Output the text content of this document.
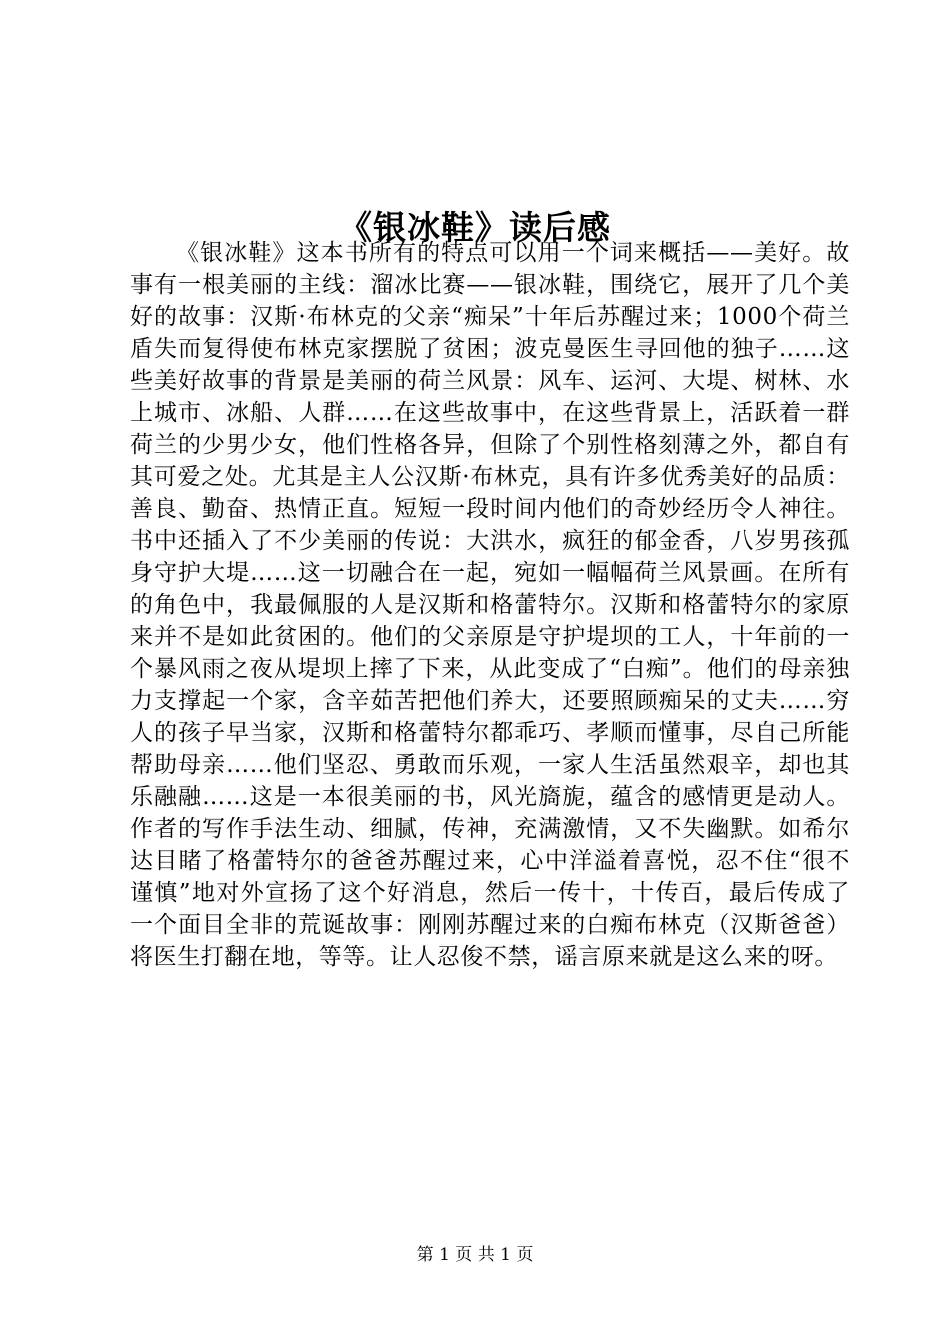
《银冰鞋》读后感

《银冰鞋》这本书所有的特点可以用一个词来概括——美好。故事有一根美丽的主线：溜冰比赛——银冰鞋，围绕它，展开了几个美好的故事：汉斯·布林克的父亲“痴呆”十年后苏醒过来；1000个荷兰盾失而复得使布林克家摆脱了贫困；波克曼医生寻回他的独子……这些美好故事的背景是美丽的荷兰风景：风车、运河、大堤、树林、水上城市、冰船、人群……在这些故事中，在这些背景上，活跃着一群荷兰的少男少女，他们性格各异，但除了个别性格刻薄之外，都自有其可爱之处。尤其是主人公汉斯·布林克，具有许多优秀美好的品质：善良、勤奋、热情正直。短短一段时间内他们的奇妙经历令人神往。书中还插入了不少美丽的传说：大洪水，疯狂的郁金香，八岁男孩孤身守护大堤……这一切融合在一起，宛如一幅幅荷兰风景画。在所有的角色中，我最佩服的人是汉斯和格蕾特尔。汉斯和格蕾特尔的家原来并不是如此贫困的。他们的父亲原是守护堤坝的工人，十年前的一个暴风雨之夜从堤坝上摔了下来，从此变成了“白痴”。他们的母亲独力支撑起一个家，含辛茹苦把他们养大，还要照顾痴呆的丈夫……穷人的孩子早当家，汉斯和格蕾特尔都乖巧、孝顺而懂事，尽自己所能帮助母亲……他们坚忍、勇敢而乐观，一家人生活虽然艰辛，却也其乐融融……这是一本很美丽的书，风光旖旎，蕴含的感情更是动人。作者的写作手法生动、细腻，传神，充满激情，又不失幽默。如希尔达目睹了格蕾特尔的爸爸苏醒过来，心中洋溢着喜悦，忍不住“很不谨慎”地对外宣扬了这个好消息，然后一传十，十传百，最后传成了一个面目全非的荒诞故事：刚刚苏醒过来的白痴布林克（汉斯爸爸）将医生打翻在地，等等。让人忍俊不禁，谣言原来就是这么来的呀。

第 1 页 共 1 页
